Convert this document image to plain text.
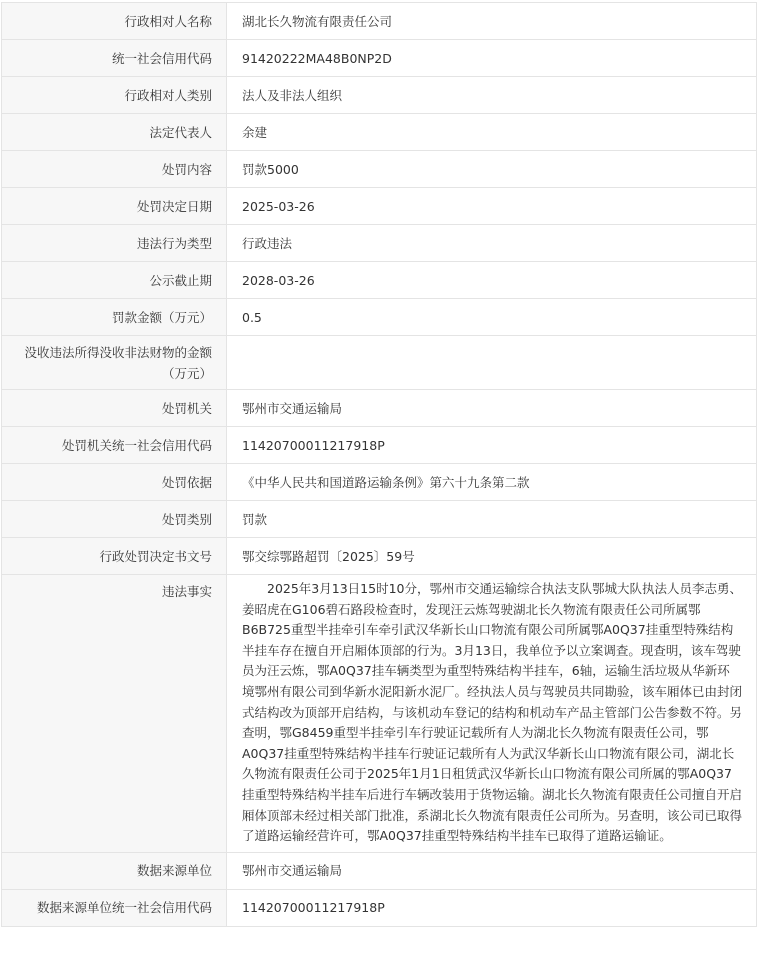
行政相对人名称	湖北长久物流有限责任公司
统一社会信用代码	91420222MA48B0NP2D
行政相对人类别	法人及非法人组织
法定代表人	余建
处罚内容	罚款5000
处罚决定日期	2025-03-26
违法行为类型	行政违法
公示截止期	2028-03-26
罚款金额（万元）	0.5
没收违法所得没收非法财物的金额（万元）	
处罚机关	鄂州市交通运输局
处罚机关统一社会信用代码	11420700011217918P
处罚依据	《中华人民共和国道路运输条例》第六十九条第二款
处罚类别	罚款
行政处罚决定书文号	鄂交综鄂路超罚〔2025〕59号
违法事实	2025年3月13日15时10分，鄂州市交通运输综合执法支队鄂城大队执法人员李志勇、姜昭虎在G106碧石路段检查时，发现汪云炼驾驶湖北长久物流有限责任公司所属鄂B6B725重型半挂牵引车牵引武汉华新长山口物流有限公司所属鄂A0Q37挂重型特殊结构半挂车存在擅自开启厢体顶部的行为。3月13日，我单位予以立案调查。现查明，该车驾驶员为汪云炼，鄂A0Q37挂车辆类型为重型特殊结构半挂车，6轴，运输生活垃圾从华新环境鄂州有限公司到华新水泥阳新水泥厂。经执法人员与驾驶员共同勘验，该车厢体已由封闭式结构改为顶部开启结构，与该机动车登记的结构和机动车产品主管部门公告参数不符。另查明，鄂G8459重型半挂牵引车行驶证记载所有人为湖北长久物流有限责任公司，鄂A0Q37挂重型特殊结构半挂车行驶证记载所有人为武汉华新长山口物流有限公司，湖北长久物流有限责任公司于2025年1月1日租赁武汉华新长山口物流有限公司所属的鄂A0Q37挂重型特殊结构半挂车后进行车辆改装用于货物运输。湖北长久物流有限责任公司擅自开启厢体顶部未经过相关部门批准，系湖北长久物流有限责任公司所为。另查明，该公司已取得了道路运输经营许可，鄂A0Q37挂重型特殊结构半挂车已取得了道路运输证。
数据来源单位	鄂州市交通运输局
数据来源单位统一社会信用代码	11420700011217918P
